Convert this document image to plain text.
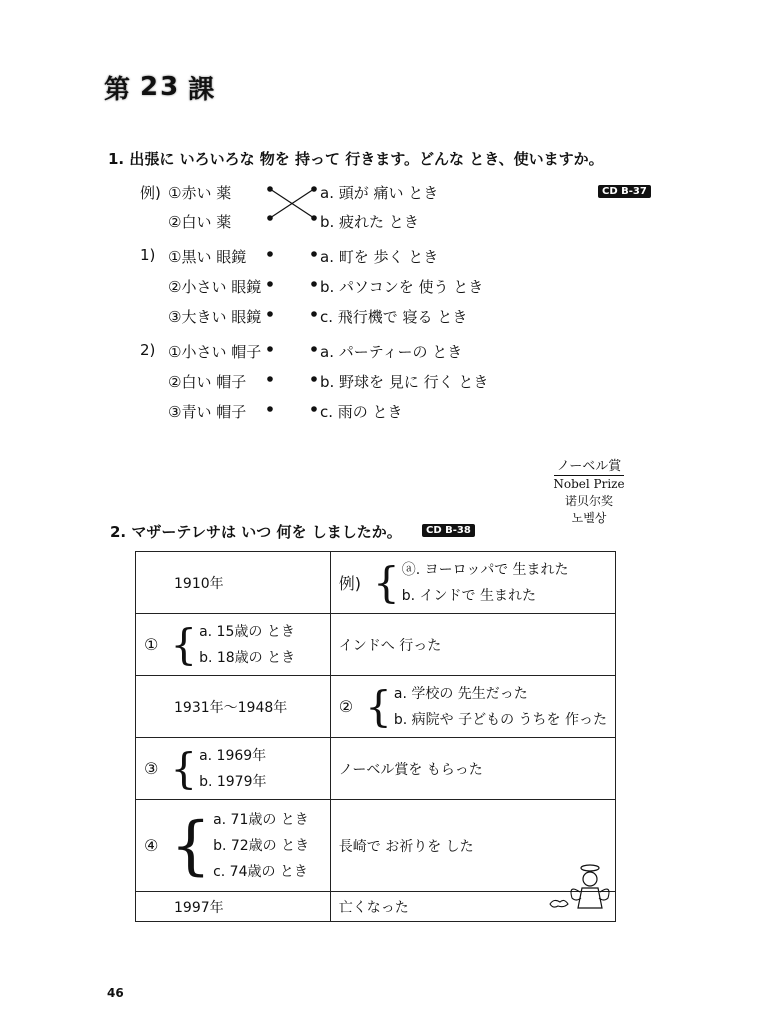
第 23 課
1. 出張に いろいろな 物を 持って 行きます。どんな とき、使いますか。
CD B-37
例) ①赤い 薬
②白い 薬
a. 頭が 痛い とき
b. 疲れた とき
1) ①黒い 眼鏡
②小さい 眼鏡
③大きい 眼鏡
a. 町を 歩く とき
b. パソコンを 使う とき
c. 飛行機で 寝る とき
2) ①小さい 帽子
②白い 帽子
③青い 帽子
a. パーティーの とき
b. 野球を 見に 行く とき
c. 雨の とき
ノーベル賞
Nobel Prize
诺贝尔奖
노벨상
2. マザーテレサは いつ 何を しましたか。	CD B-38
1910年	例) { ⓐ. ヨーロッパで 生まれた
b. インドで 生まれた

① { a. 15歳の とき
b. 18歳の とき	インドへ 行った
1931年〜1948年	② { a. 学校の 先生だった
b. 病院や 子どもの うちを 作った

③ { a. 1969年
b. 1979年	ノーベル賞を もらった

④ { a. 71歳の とき
b. 72歳の とき
c. 74歳の とき	長崎で お祈りを した
1997年	亡くなった
46
